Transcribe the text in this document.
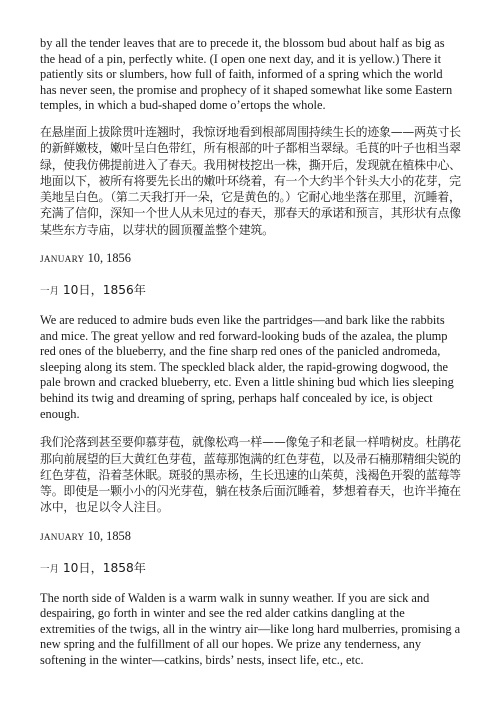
by all the tender leaves that are to precede it, the blossom bud about half as big as the head of a pin, perfectly white. (I open one next day, and it is yellow.) There it patiently sits or slumbers, how full of faith, informed of a spring which the world has never seen, the promise and prophecy of it shaped somewhat like some Eastern temples, in which a bud-shaped dome o’ertops the whole.

在悬崖面上拔除贯叶连翘时，我惊讶地看到根部周围持续生长的迹象——两英寸长的新鲜嫩枝，嫩叶呈白色带红，所有根部的叶子都相当翠绿。毛茛的叶子也相当翠绿，使我仿佛提前进入了春天。我用树枝挖出一株，撕开后，发现就在植株中心、地面以下，被所有将要先长出的嫩叶环绕着，有一个大约半个针头大小的花芽，完美地呈白色。（第二天我打开一朵，它是黄色的。）它耐心地坐落在那里，沉睡着，充满了信仰，深知一个世人从未见过的春天，那春天的承诺和预言，其形状有点像某些东方寺庙，以芽状的圆顶覆盖整个建筑。

JANUARY 10, 1856

一月 10日，1856年

We are reduced to admire buds even like the partridges—and bark like the rabbits and mice. The great yellow and red forward-looking buds of the azalea, the plump red ones of the blueberry, and the fine sharp red ones of the panicled andromeda, sleeping along its stem. The speckled black alder, the rapid-growing dogwood, the pale brown and cracked blueberry, etc. Even a little shining bud which lies sleeping behind its twig and dreaming of spring, perhaps half concealed by ice, is object enough.

我们沦落到甚至要仰慕芽苞，就像松鸡一样——像兔子和老鼠一样啃树皮。杜鹃花那向前展望的巨大黄红色芽苞，蓝莓那饱满的红色芽苞，以及帚石楠那精细尖锐的红色芽苞，沿着茎休眠。斑驳的黑赤杨，生长迅速的山茱萸，浅褐色开裂的蓝莓等等。即使是一颗小小的闪光芽苞，躺在枝条后面沉睡着，梦想着春天，也许半掩在冰中，也足以令人注目。

JANUARY 10, 1858

一月 10日，1858年

The north side of Walden is a warm walk in sunny weather. If you are sick and despairing, go forth in winter and see the red alder catkins dangling at the extremities of the twigs, all in the wintry air—like long hard mulberries, promising a new spring and the fulfillment of all our hopes. We prize any tenderness, any softening in the winter—catkins, birds’ nests, insect life, etc., etc.
